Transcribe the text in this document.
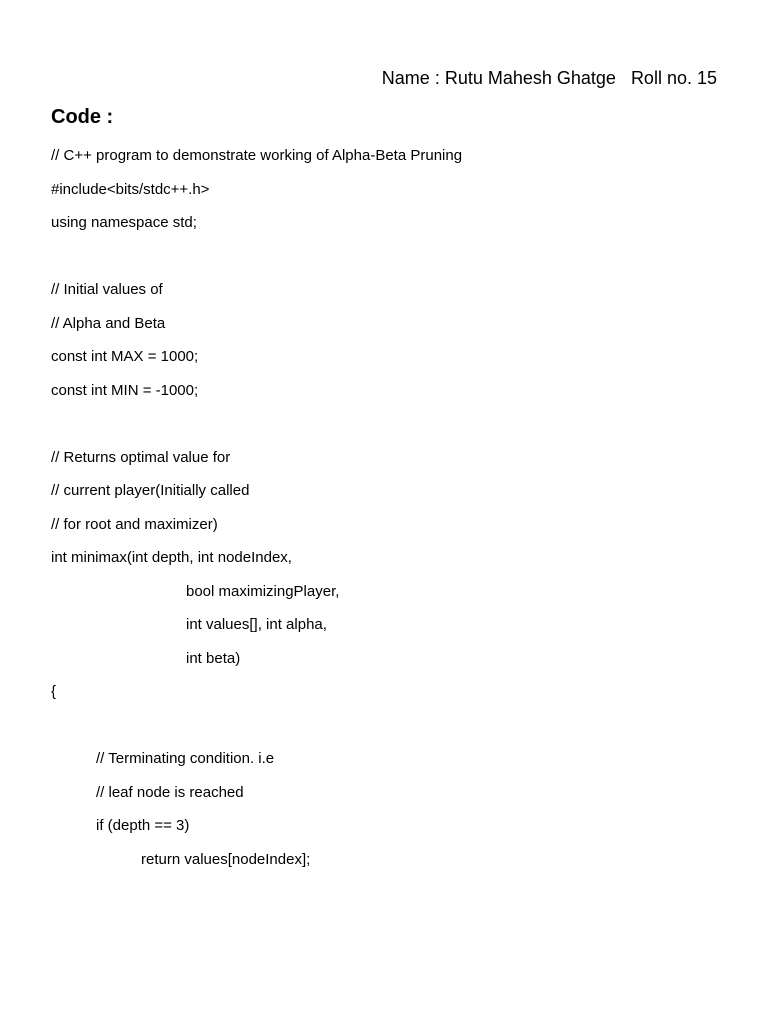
Name : Rutu Mahesh Ghatge Roll no. 15
Code :
// C++ program to demonstrate working of Alpha-Beta Pruning
#include<bits/stdc++.h>
using namespace std;
// Initial values of
// Alpha and Beta
const int MAX = 1000;
const int MIN = -1000;
// Returns optimal value for
// current player(Initially called
// for root and maximizer)
int minimax(int depth, int nodeIndex,
bool maximizingPlayer,
int values[], int alpha,
int beta)
{
// Terminating condition. i.e
// leaf node is reached
if (depth == 3)
return values[nodeIndex];
